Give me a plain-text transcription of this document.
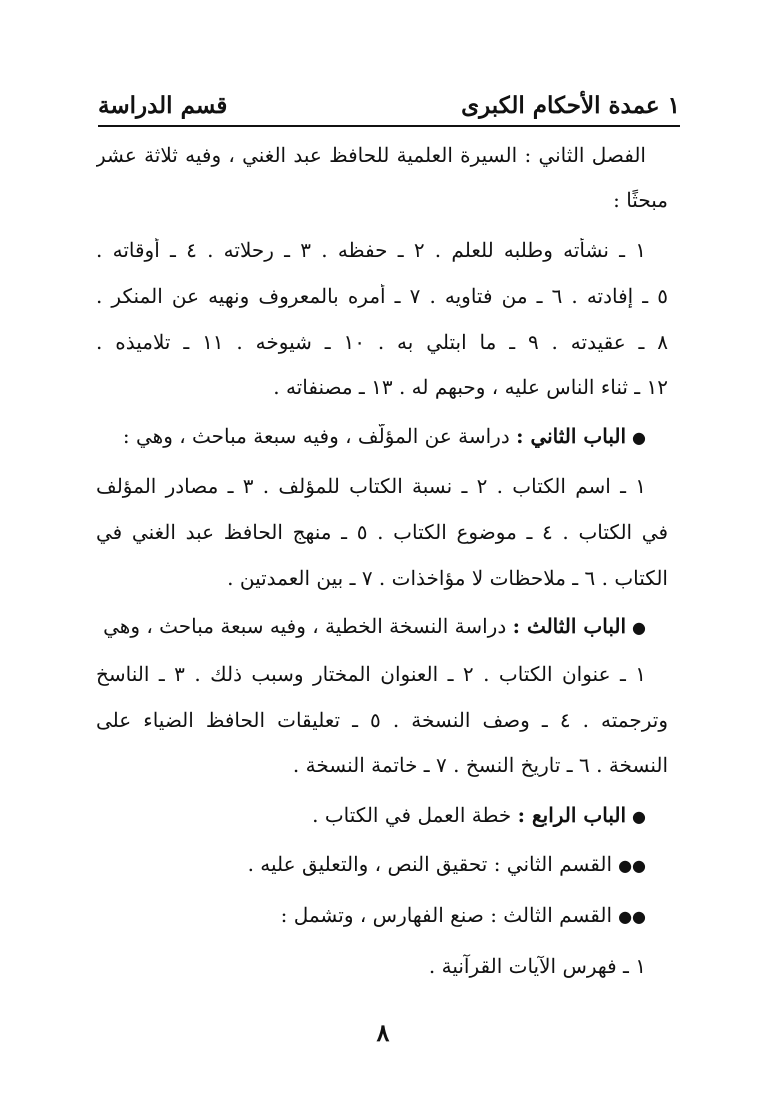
١ عمدة الأحكام الكبرى
قسم الدراسة
الفصل الثاني : السيرة العلمية للحافظ عبد الغني ، وفيه ثلاثة عشر
مبحثًا :
١ ـ نشأته وطلبه للعلم . ٢ ـ حفظه . ٣ ـ رحلاته . ٤ ـ أوقاته .
٥ ـ إفادته . ٦ ـ من فتاويه . ٧ ـ أمره بالمعروف ونهيه عن المنكر .
٨ ـ عقيدته . ٩ ـ ما ابتلي به . ١٠ ـ شيوخه . ١١ ـ تلاميذه .
١٢ ـ ثناء الناس عليه ، وحبهم له . ١٣ ـ مصنفاته .
●الباب الثاني : دراسة عن المؤلّف ، وفيه سبعة مباحث ، وهي :
١ ـ اسم الكتاب . ٢ ـ نسبة الكتاب للمؤلف . ٣ ـ مصادر المؤلف
في الكتاب . ٤ ـ موضوع الكتاب . ٥ ـ منهج الحافظ عبد الغني في
الكتاب . ٦ ـ ملاحظات لا مؤاخذات . ٧ ـ بين العمدتين .
●الباب الثالث : دراسة النسخة الخطية ، وفيه سبعة مباحث ، وهي
١ ـ عنوان الكتاب . ٢ ـ العنوان المختار وسبب ذلك . ٣ ـ الناسخ
وترجمته . ٤ ـ وصف النسخة . ٥ ـ تعليقات الحافظ الضياء على
النسخة . ٦ ـ تاريخ النسخ . ٧ ـ خاتمة النسخة .
●الباب الرابع : خطة العمل في الكتاب .
●●القسم الثاني : تحقيق النص ، والتعليق عليه .
●●القسم الثالث : صنع الفهارس ، وتشمل :
١ ـ فهرس الآيات القرآنية .
٨
